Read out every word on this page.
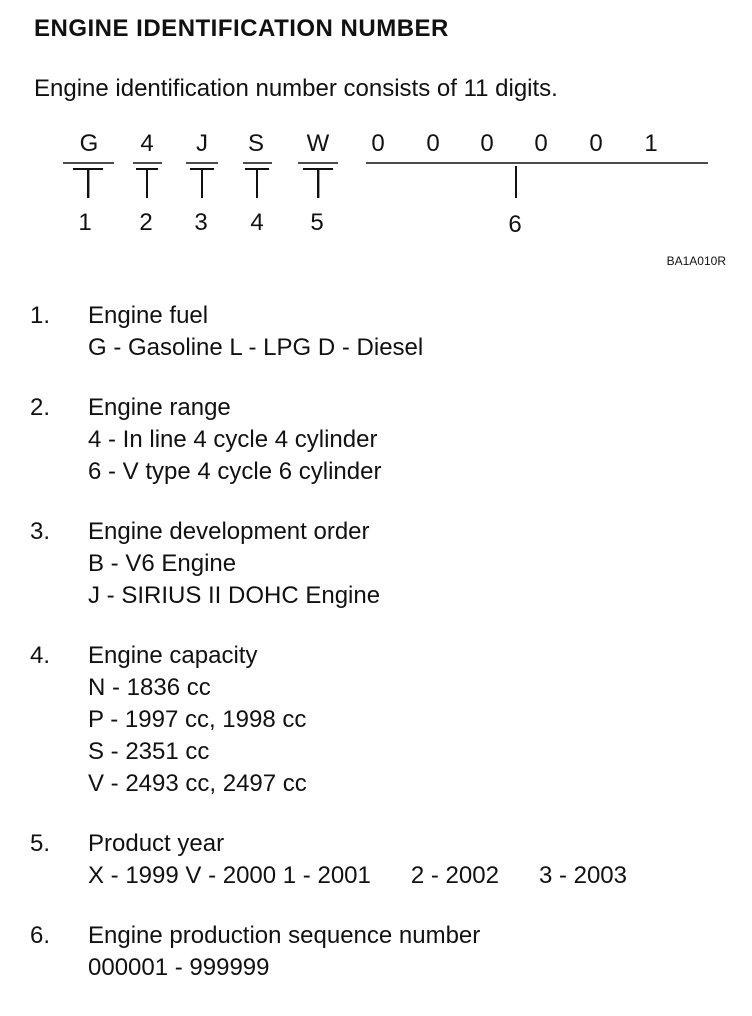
ENGINE IDENTIFICATION NUMBER
Engine identification number consists of 11 digits.
G 4 J S W 0 0 0 0 0 1
1 2 3 4 5	6
BA1A010R
1. Engine fuel
G - Gasoline L - LPG D - Diesel
2. Engine range
4 - In line 4 cycle 4 cylinder
6 - V type 4 cycle 6 cylinder
3. Engine development order
B - V6 Engine
J - SIRIUS II DOHC Engine
4. Engine capacity
N - 1836 cc
P - 1997 cc, 1998 cc
S - 2351 cc
V - 2493 cc, 2497 cc
5. Product year
X - 1999 V - 2000 1 - 2001 2 - 2002 3 - 2003
6. Engine production sequence number
000001 - 999999
